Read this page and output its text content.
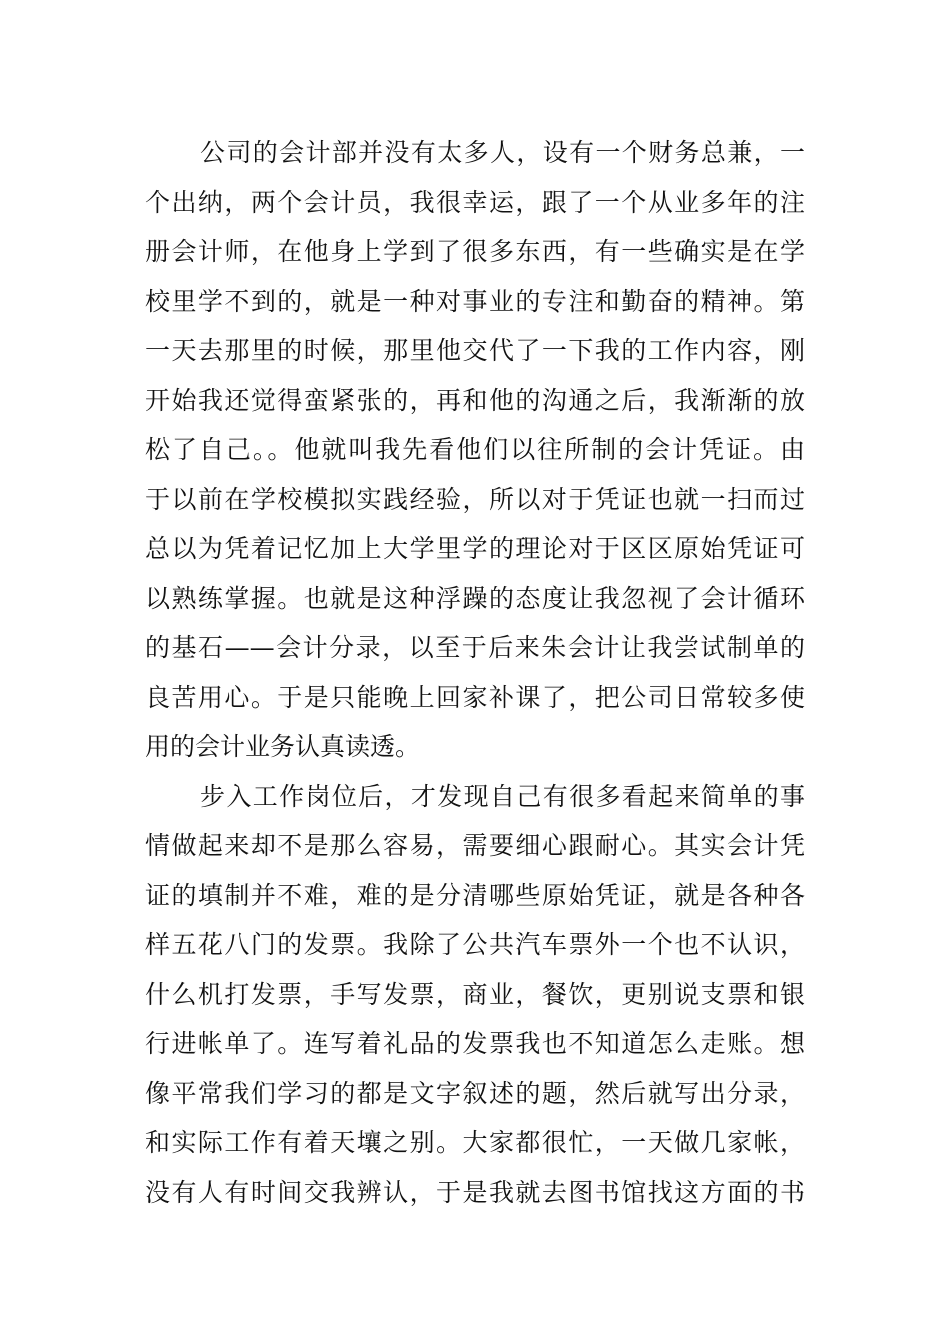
公司的会计部并没有太多人，设有一个财务总兼，一
个出纳，两个会计员，我很幸运，跟了一个从业多年的注
册会计师，在他身上学到了很多东西，有一些确实是在学
校里学不到的，就是一种对事业的专注和勤奋的精神。第
一天去那里的时候，那里他交代了一下我的工作内容，刚
开始我还觉得蛮紧张的，再和他的沟通之后，我渐渐的放
松了自己。。他就叫我先看他们以往所制的会计凭证。由
于以前在学校模拟实践经验，所以对于凭证也就一扫而过
总以为凭着记忆加上大学里学的理论对于区区原始凭证可
以熟练掌握。也就是这种浮躁的态度让我忽视了会计循环
的基石——会计分录，以至于后来朱会计让我尝试制单的
良苦用心。于是只能晚上回家补课了，把公司日常较多使
用的会计业务认真读透。
步入工作岗位后，才发现自己有很多看起来简单的事
情做起来却不是那么容易，需要细心跟耐心。其实会计凭
证的填制并不难，难的是分清哪些原始凭证，就是各种各
样五花八门的发票。我除了公共汽车票外一个也不认识，
什么机打发票，手写发票，商业，餐饮，更别说支票和银
行进帐单了。连写着礼品的发票我也不知道怎么走账。想
像平常我们学习的都是文字叙述的题，然后就写出分录，
和实际工作有着天壤之别。大家都很忙，一天做几家帐，
没有人有时间交我辨认，于是我就去图书馆找这方面的书
